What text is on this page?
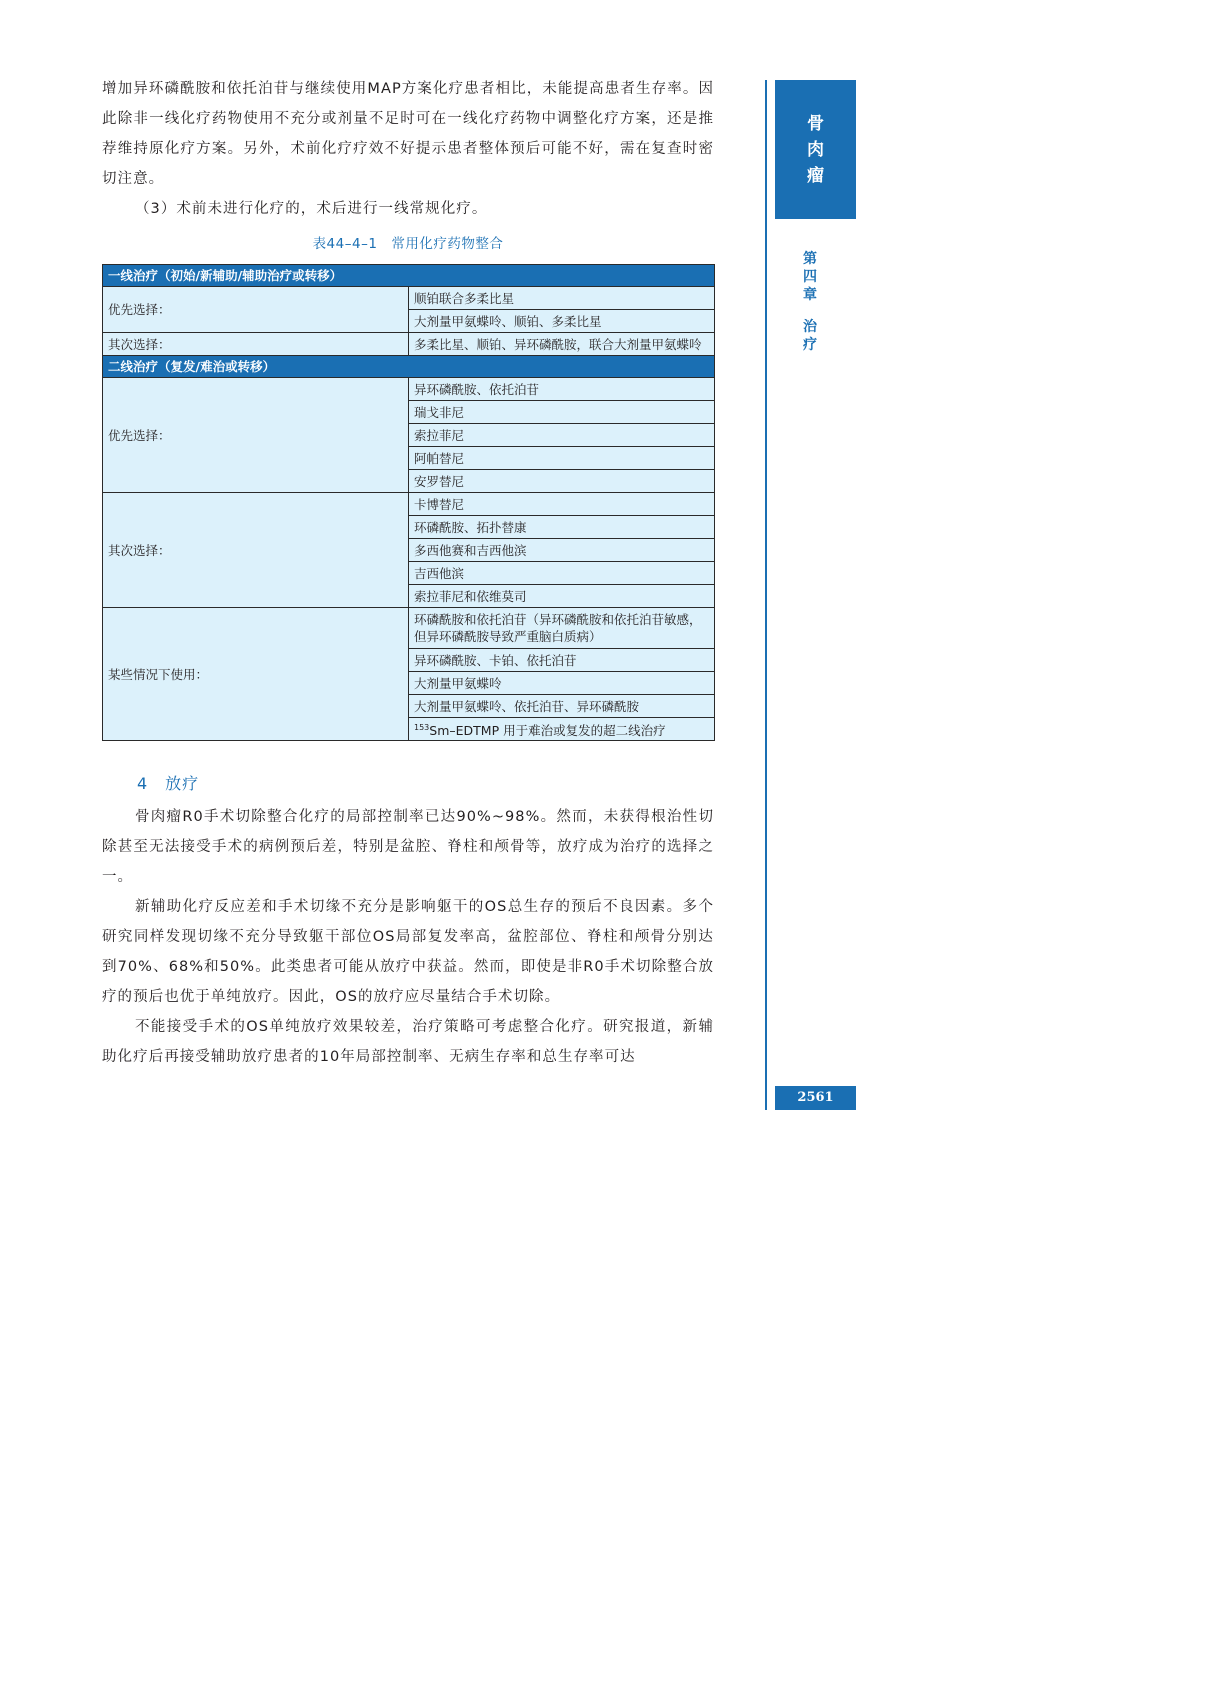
增加异环磷酰胺和依托泊苷与继续使用MAP方案化疗患者相比，未能提高患者生存率。因此除非一线化疗药物使用不充分或剂量不足时可在一线化疗药物中调整化疗方案，还是推荐维持原化疗方案。另外，术前化疗疗效不好提示患者整体预后可能不好，需在复查时密切注意。

（3）术前未进行化疗的，术后进行一线常规化疗。

表44–4–1　常用化疗药物整合
一线治疗（初始/新辅助/辅助治疗或转移）	
优先选择：	顺铂联合多柔比星
	大剂量甲氨蝶呤、顺铂、多柔比星
其次选择：	多柔比星、顺铂、异环磷酰胺，联合大剂量甲氨蝶呤
二线治疗（复发/难治或转移）	
优先选择：	异环磷酰胺、依托泊苷
	瑞戈非尼
	索拉菲尼
	阿帕替尼
	安罗替尼
其次选择：	卡博替尼
	环磷酰胺、拓扑替康
	多西他赛和吉西他滨
	吉西他滨
	索拉菲尼和依维莫司
某些情况下使用：	环磷酰胺和依托泊苷（异环磷酰胺和依托泊苷敏感，但异环磷酰胺导致严重脑白质病）
	异环磷酰胺、卡铂、依托泊苷
	大剂量甲氨蝶呤
	大剂量甲氨蝶呤、依托泊苷、异环磷酰胺
	$^{153}$Sm–EDTMP 用于难治或复发的超二线治疗
4　放疗

骨肉瘤R0手术切除整合化疗的局部控制率已达90%~98%。然而，未获得根治性切除甚至无法接受手术的病例预后差，特别是盆腔、脊柱和颅骨等，放疗成为治疗的选择之一。

新辅助化疗反应差和手术切缘不充分是影响躯干的OS总生存的预后不良因素。多个研究同样发现切缘不充分导致躯干部位OS局部复发率高，盆腔部位、脊柱和颅骨分别达到70%、68%和50%。此类患者可能从放疗中获益。然而，即使是非R0手术切除整合放疗的预后也优于单纯放疗。因此，OS的放疗应尽量结合手术切除。

不能接受手术的OS单纯放疗效果较差，治疗策略可考虑整合化疗。研究报道，新辅助化疗后再接受辅助放疗患者的10年局部控制率、无病生存率和总生存率可达

骨
肉
瘤
第
四
章
治
疗
2561
